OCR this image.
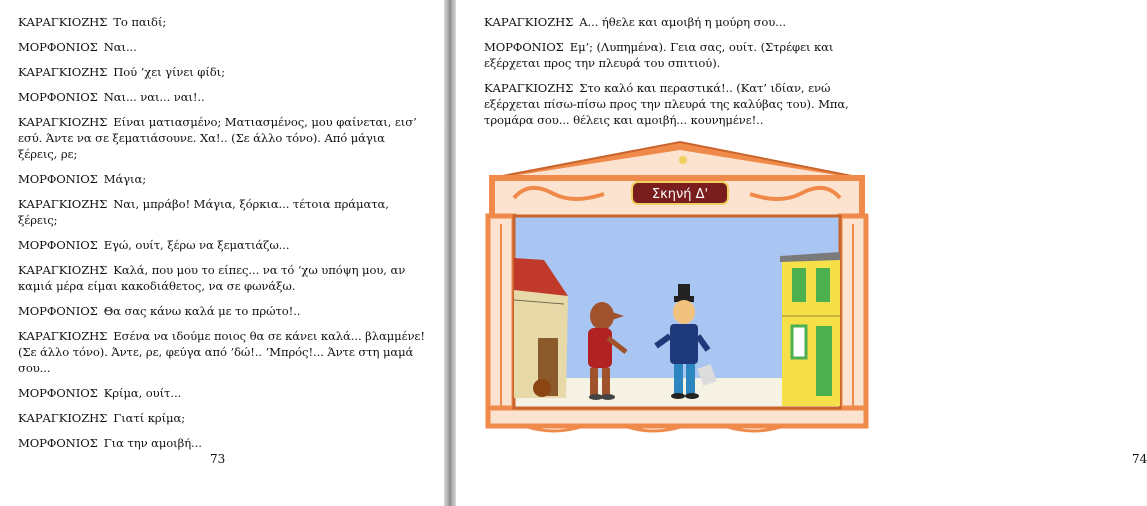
ΚΑΡΑΓΚΙΟΖΗΣ Το παιδί;

ΜΟΡΦΟΝΙΟΣ Ναι...

ΚΑΡΑΓΚΙΟΖΗΣ Πού ’χει γίνει φίδι;

ΜΟΡΦΟΝΙΟΣ Ναι... ναι... ναι!..

ΚΑΡΑΓΚΙΟΖΗΣ Είναι ματιασμένο; Ματιασμένος, μου φαίνεται, εισ’ εσύ. Άντε να σε ξεματιάσουνε. Χα!.. (Σε άλλο τόνο). Από μάγια ξέρεις, ρε;

ΜΟΡΦΟΝΙΟΣ Μάγια;

ΚΑΡΑΓΚΙΟΖΗΣ Ναι, μπράβο! Μάγια, ξόρκια... τέτοια πράματα, ξέρεις;

ΜΟΡΦΟΝΙΟΣ Εγώ, ουίτ, ξέρω να ξεματιάζω...

ΚΑΡΑΓΚΙΟΖΗΣ Καλά, που μου το είπες... να τό ’χω υπόψη μου, αν καμιά μέρα είμαι κακοδιάθετος, να σε φωνάξω.

ΜΟΡΦΟΝΙΟΣ Θα σας κάνω καλά με το πρώτο!..

ΚΑΡΑΓΚΙΟΖΗΣ Εσένα να ιδούμε ποιος θα σε κάνει καλά... βλαμμένε! (Σε άλλο τόνο). Άντε, ρε, φεύγα από ’δώ!.. ’Μπρός!... Άντε στη μαμά σου...

ΜΟΡΦΟΝΙΟΣ Κρίμα, ουίτ...

ΚΑΡΑΓΚΙΟΖΗΣ Γιατί κρίμα;

ΜΟΡΦΟΝΙΟΣ Για την αμοιβή...

73

ΚΑΡΑΓΚΙΟΖΗΣ Α... ήθελε και αμοιβή η μούρη σου...

ΜΟΡΦΟΝΙΟΣ Εμ’; (Λυπημένα). Γεια σας, ουίτ. (Στρέφει και εξέρχεται προς την πλευρά του σπιτιού).

ΚΑΡΑΓΚΙΟΖΗΣ Στο καλό και περαστικά!.. (Κατ’ ιδίαν, ενώ εξέρχεται πίσω-πίσω προς την πλευρά της καλύβας του). Μπα, τρομάρα σου... θέλεις και αμοιβή... κουνημένε!..

74
Σκηνή Δ'
